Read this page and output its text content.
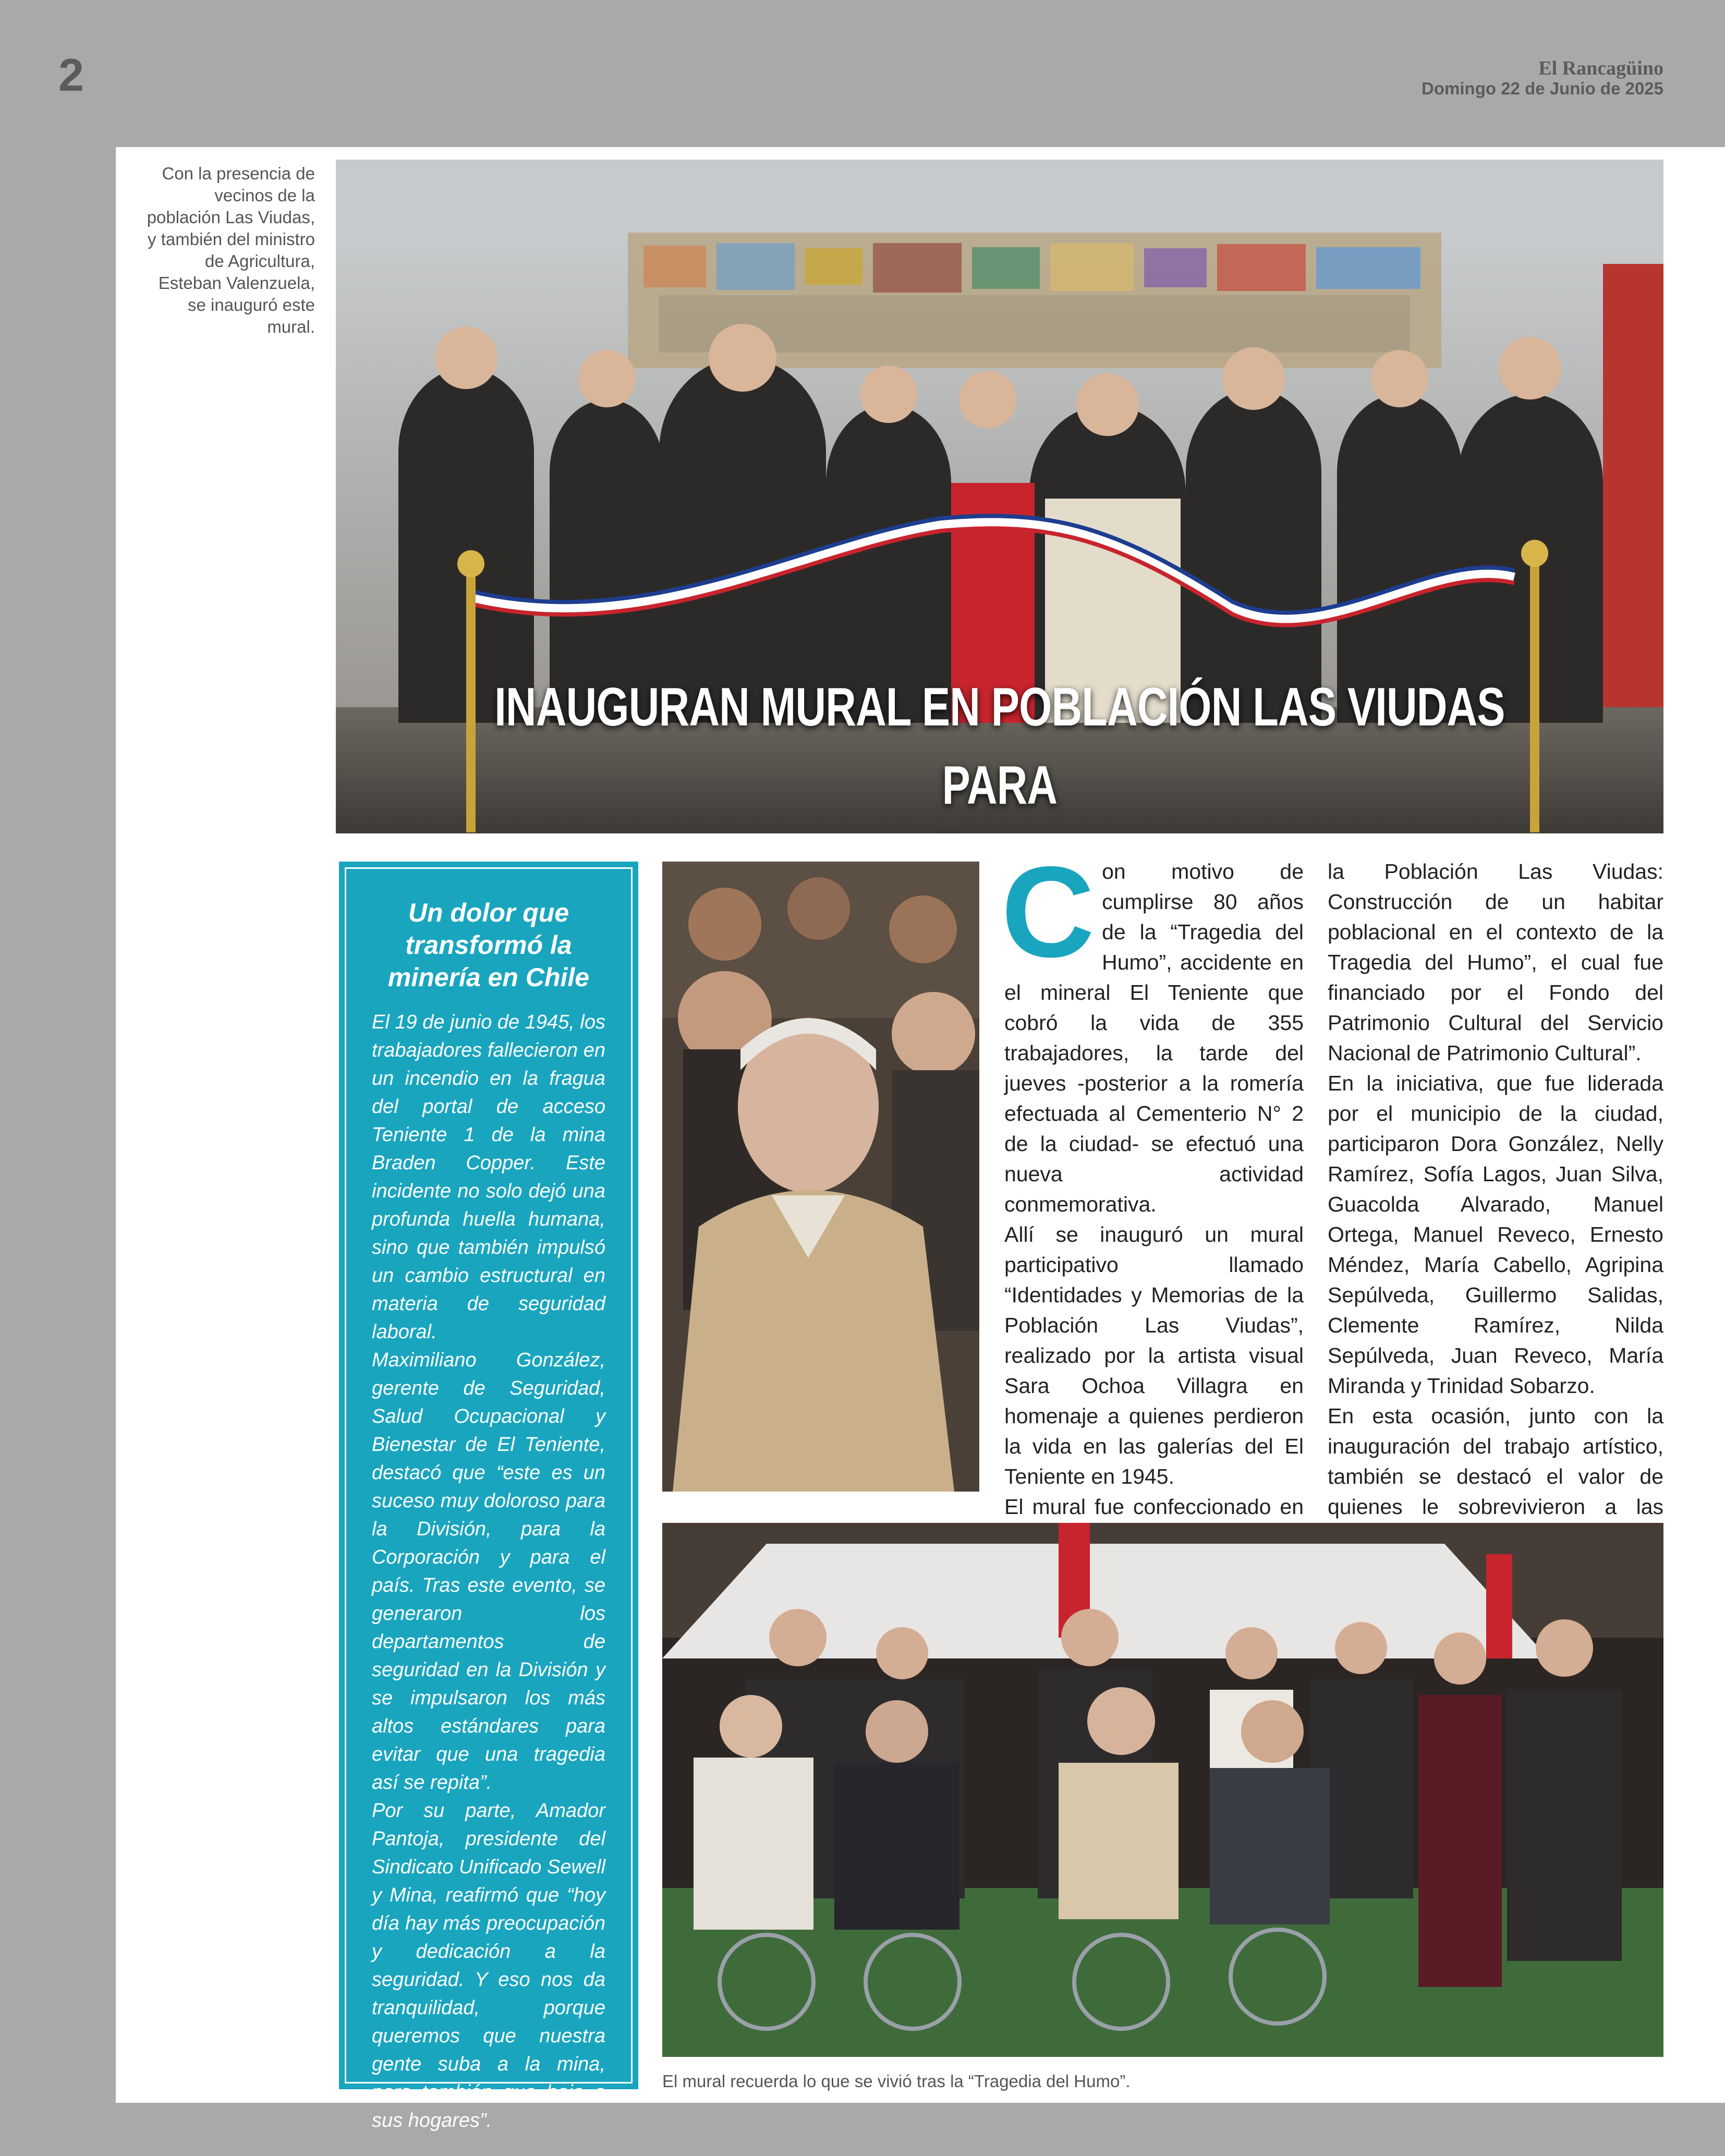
2	El Rancagüino
Domingo 22 de Junio de 2025
Con la presencia de vecinos de la población Las Viudas, y también del ministro de Agricultura, Esteban Valenzuela, se inauguró este mural.
INAUGURAN MURAL EN POBLACIÓN LAS VIUDAS PARA
Un dolor que transformó la minería en Chile

El 19 de junio de 1945, los trabajadores fallecieron en un incendio en la fragua del portal de acceso Teniente 1 de la mina Braden Copper. Este incidente no solo dejó una profunda huella humana, sino que también impulsó un cambio estructural en materia de seguridad laboral.

Maximiliano González, gerente de Seguridad, Salud Ocupacional y Bienestar de El Teniente, destacó que “este es un suceso muy doloroso para la División, para la Corporación y para el país. Tras este evento, se generaron los departamentos de seguridad en la División y se impulsaron los más altos estándares para evitar que una tragedia así se repita”.

Por su parte, Amador Pantoja, presidente del Sindicato Unificado Sewell y Mina, reafirmó que “hoy día hay más preocupación y dedicación a la seguridad. Y eso nos da tranquilidad, porque queremos que nuestra gente suba a la mina, pero también que baje a sus hogares”.

C on motivo de cumplirse 80 años de la “Tragedia del Humo”, accidente en el mineral El Teniente que cobró la vida de 355 trabajadores, la tarde del jueves -posterior a la romería efectuada al Cementerio N° 2 de la ciudad- se efectuó una nueva actividad conmemorativa.

Allí se inauguró un mural participativo llamado “Identidades y Memorias de la Población Las Viudas”, realizado por la artista visual Sara Ochoa Villagra en homenaje a quienes perdieron la vida en las galerías del El Teniente en 1945.

El mural fue confeccionado en

la Población Las Viudas: Construcción de un habitar poblacional en el contexto de la Tragedia del Humo”, el cual fue financiado por el Fondo del Patrimonio Cultural del Servicio Nacional de Patrimonio Cultural”.

En la iniciativa, que fue liderada por el municipio de la ciudad, participaron Dora González, Nelly Ramírez, Sofía Lagos, Juan Silva, Guacolda Alvarado, Manuel Ortega, Manuel Reveco, Ernesto Méndez, María Cabello, Agripina Sepúlveda, Guillermo Salidas, Clemente Ramírez, Nilda Sepúlveda, Juan Reveco, María Miranda y Trinidad Sobarzo.

En esta ocasión, junto con la inauguración del trabajo artístico, también se destacó el valor de quienes le sobrevivieron a las

El mural recuerda lo que se vivió tras la “Tragedia del Humo”.
